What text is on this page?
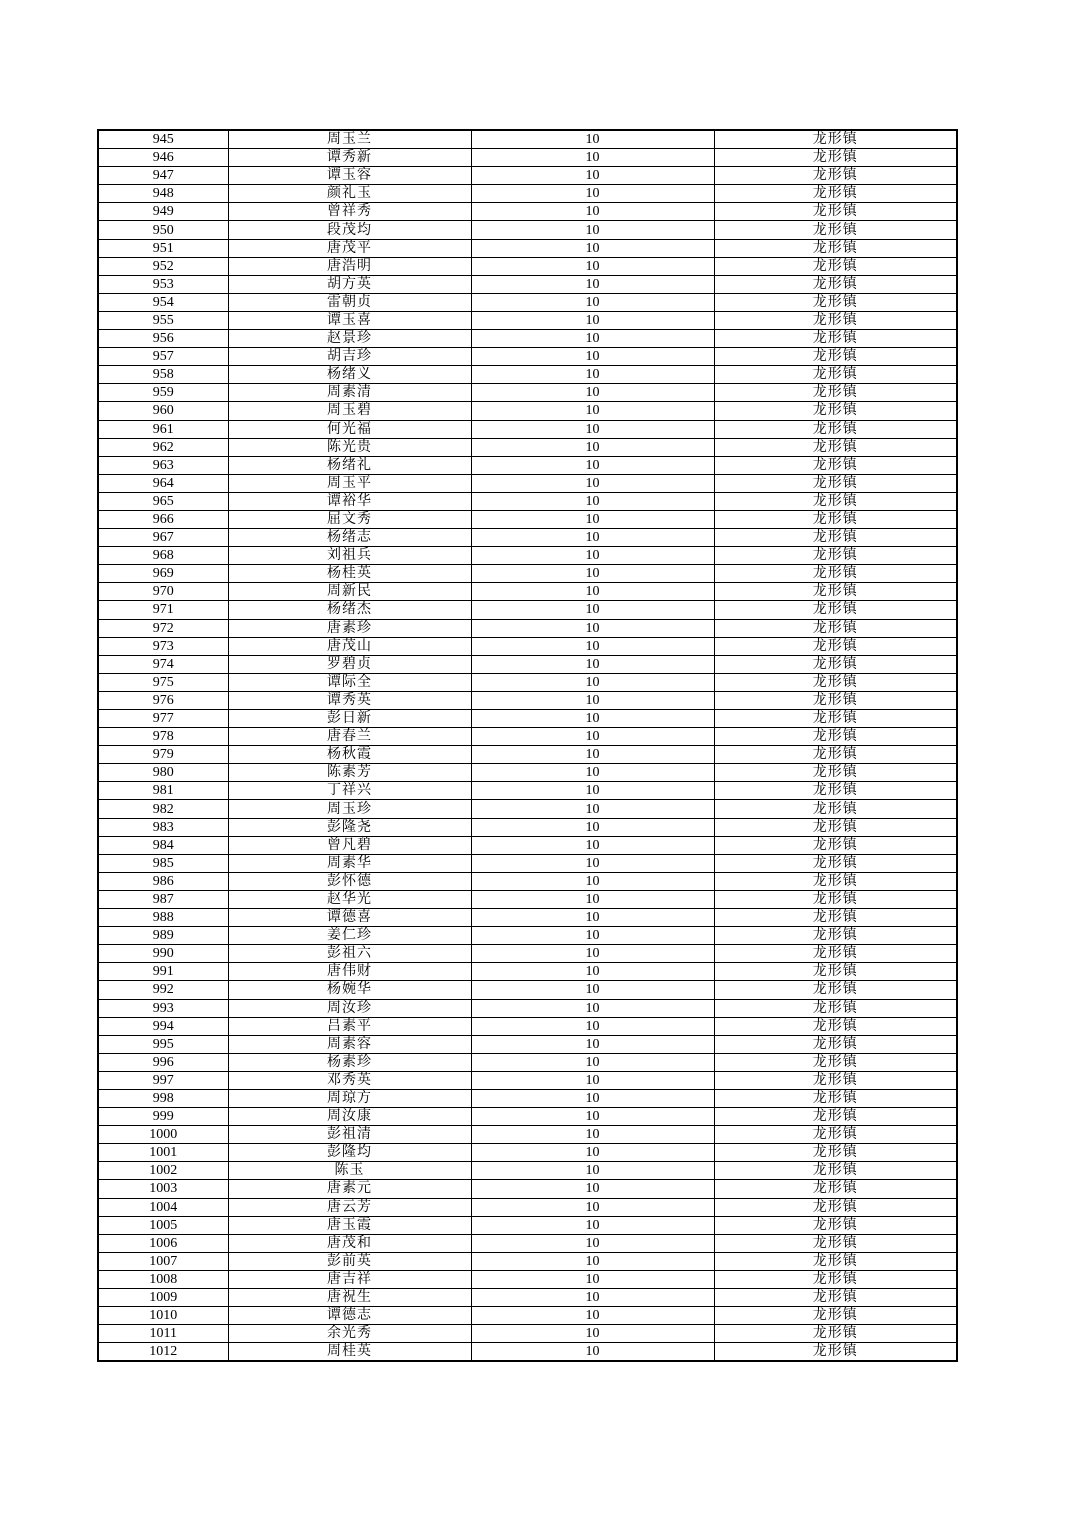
945	周玉兰	10	龙形镇
946	谭秀新	10	龙形镇
947	谭玉容	10	龙形镇
948	颜礼玉	10	龙形镇
949	曾祥秀	10	龙形镇
950	段茂均	10	龙形镇
951	唐茂平	10	龙形镇
952	唐浩明	10	龙形镇
953	胡方英	10	龙形镇
954	雷朝贞	10	龙形镇
955	谭玉喜	10	龙形镇
956	赵景珍	10	龙形镇
957	胡吉珍	10	龙形镇
958	杨绪义	10	龙形镇
959	周素清	10	龙形镇
960	周玉碧	10	龙形镇
961	何光福	10	龙形镇
962	陈光贵	10	龙形镇
963	杨绪礼	10	龙形镇
964	周玉平	10	龙形镇
965	谭裕华	10	龙形镇
966	屈文秀	10	龙形镇
967	杨绪志	10	龙形镇
968	刘祖兵	10	龙形镇
969	杨桂英	10	龙形镇
970	周新民	10	龙形镇
971	杨绪杰	10	龙形镇
972	唐素珍	10	龙形镇
973	唐茂山	10	龙形镇
974	罗碧贞	10	龙形镇
975	谭际全	10	龙形镇
976	谭秀英	10	龙形镇
977	彭日新	10	龙形镇
978	唐春兰	10	龙形镇
979	杨秋霞	10	龙形镇
980	陈素芳	10	龙形镇
981	丁祥兴	10	龙形镇
982	周玉珍	10	龙形镇
983	彭隆尧	10	龙形镇
984	曾凡碧	10	龙形镇
985	周素华	10	龙形镇
986	彭怀德	10	龙形镇
987	赵华光	10	龙形镇
988	谭德喜	10	龙形镇
989	姜仁珍	10	龙形镇
990	彭祖六	10	龙形镇
991	唐伟财	10	龙形镇
992	杨婉华	10	龙形镇
993	周汝珍	10	龙形镇
994	吕素平	10	龙形镇
995	周素容	10	龙形镇
996	杨素珍	10	龙形镇
997	邓秀英	10	龙形镇
998	周琼方	10	龙形镇
999	周汝康	10	龙形镇
1000	彭祖清	10	龙形镇
1001	彭隆均	10	龙形镇
1002	陈玉	10	龙形镇
1003	唐素元	10	龙形镇
1004	唐云芳	10	龙形镇
1005	唐玉霞	10	龙形镇
1006	唐茂和	10	龙形镇
1007	彭前英	10	龙形镇
1008	唐吉祥	10	龙形镇
1009	唐祝生	10	龙形镇
1010	谭德志	10	龙形镇
1011	余光秀	10	龙形镇
1012	周桂英	10	龙形镇
